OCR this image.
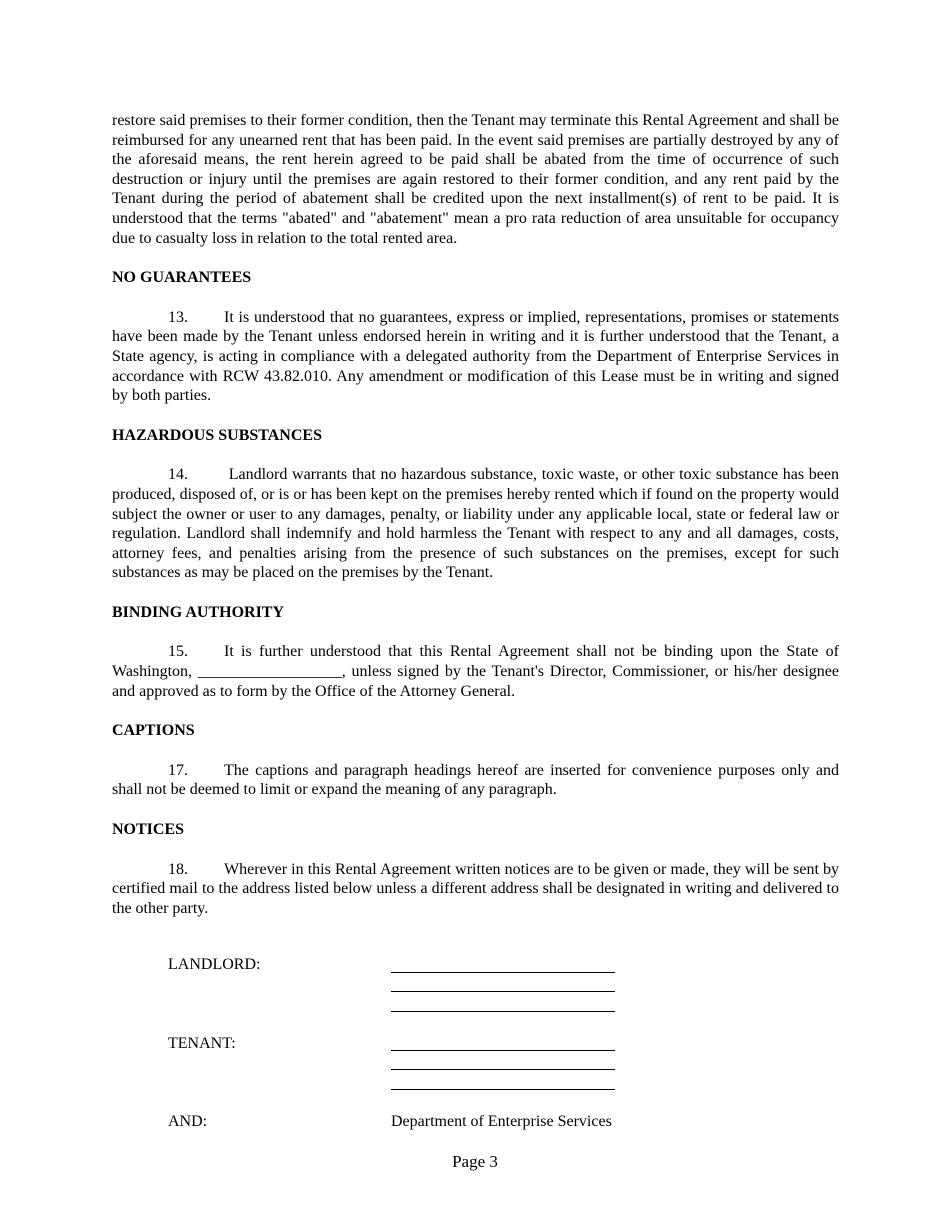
restore said premises to their former condition, then the Tenant may terminate this Rental Agreement and shall be reimbursed for any unearned rent that has been paid. In the event said premises are partially destroyed by any of the aforesaid means, the rent herein agreed to be paid shall be abated from the time of occurrence of such destruction or injury until the premises are again restored to their former condition, and any rent paid by the Tenant during the period of abatement shall be credited upon the next installment(s) of rent to be paid. It is understood that the terms "abated" and "abatement" mean a pro rata reduction of area unsuitable for occupancy due to casualty loss in relation to the total rented area.

NO GUARANTEES

13. It is understood that no guarantees, express or implied, representations, promises or statements have been made by the Tenant unless endorsed herein in writing and it is further understood that the Tenant, a State agency, is acting in compliance with a delegated authority from the Department of Enterprise Services in accordance with RCW 43.82.010. Any amendment or modification of this Lease must be in writing and signed by both parties.

HAZARDOUS SUBSTANCES

14. Landlord warrants that no hazardous substance, toxic waste, or other toxic substance has been produced, disposed of, or is or has been kept on the premises hereby rented which if found on the property would subject the owner or user to any damages, penalty, or liability under any applicable local, state or federal law or regulation. Landlord shall indemnify and hold harmless the Tenant with respect to any and all damages, costs, attorney fees, and penalties arising from the presence of such substances on the premises, except for such substances as may be placed on the premises by the Tenant.

BINDING AUTHORITY

15. It is further understood that this Rental Agreement shall not be binding upon the State of Washington, __________________, unless signed by the Tenant's Director, Commissioner, or his/her designee and approved as to form by the Office of the Attorney General.

CAPTIONS

17. The captions and paragraph headings hereof are inserted for convenience purposes only and shall not be deemed to limit or expand the meaning of any paragraph.

NOTICES

18. Wherever in this Rental Agreement written notices are to be given or made, they will be sent by certified mail to the address listed below unless a different address shall be designated in writing and delivered to the other party.

LANDLORD:
TENANT:
AND:	Department of Enterprise Services
Page 3
